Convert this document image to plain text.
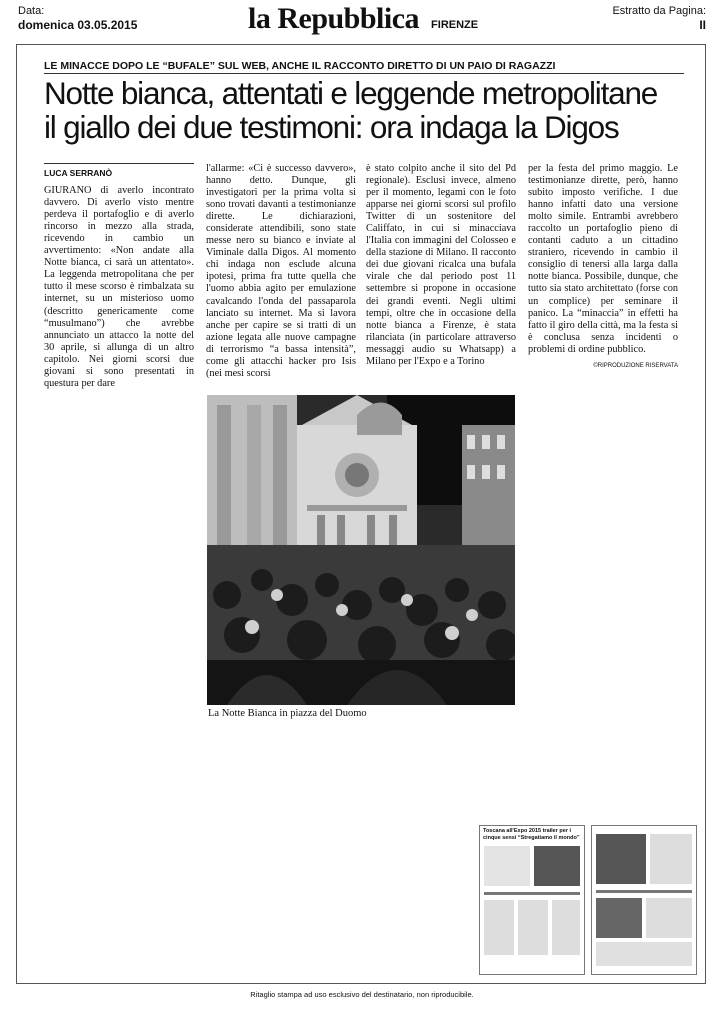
Data:
domenica 03.05.2015	la Repubblica FIRENZE
Estratto da Pagina:
II
LE MINACCE DOPO LE “BUFALE” SUL WEB, ANCHE IL RACCONTO DIRETTO DI UN PAIO DI RAGAZZI
Notte bianca, attentati e leggende metropolitane
il giallo dei due testimoni: ora indaga la Digos
LUCA SERRANÒ

GIURANO di averlo incontrato davvero. Di averlo visto mentre perdeva il portafoglio e di averlo rincorso in mezzo alla strada, ricevendo in cambio un avvertimento: «Non andate alla Notte bianca, ci sarà un attentato». La leggenda metropolitana che per tutto il mese scorso è rimbalzata su internet, su un misterioso uomo (descritto genericamente come “musulmano”) che avrebbe annunciato un attacco la notte del 30 aprile, si allunga di un altro capitolo. Nei giorni scorsi due giovani si sono presentati in questura per dare

l'allarme: «Ci è successo davvero», hanno detto. Dunque, gli investigatori per la prima volta si sono trovati davanti a testimonianze dirette. Le dichiarazioni, considerate attendibili, sono state messe nero su bianco e inviate al Viminale dalla Digos. Al momento chi indaga non esclude alcuna ipotesi, prima fra tutte quella che l'uomo abbia agito per emulazione cavalcando l'onda del passaparola lanciato su internet. Ma si lavora anche per capire se si tratti di un azione legata alle nuove campagne di terrorismo “a bassa intensità”, come gli attacchi hacker pro Isis (nei mesi scorsi

è stato colpito anche il sito del Pd regionale). Esclusi invece, almeno per il momento, legami con le foto apparse nei giorni scorsi sul profilo Twitter di un sostenitore del Califfato, in cui si minacciava l'Italia con immagini del Colosseo e della stazione di Milano. Il racconto dei due giovani ricalca una bufala virale che dal periodo post 11 settembre si propone in occasione dei grandi eventi. Negli ultimi tempi, oltre che in occasione della notte bianca a Firenze, è stata rilanciata (in particolare attraverso messaggi audio su Whatsapp) a Milano per l'Expo e a Torino

per la festa del primo maggio. Le testimonianze dirette, però, hanno subito imposto verifiche. I due hanno infatti dato una versione molto simile. Entrambi avrebbero raccolto un portafoglio pieno di contanti caduto a un cittadino straniero, ricevendo in cambio il consiglio di tenersi alla larga dalla notte bianca. Possibile, dunque, che tutto sia stato architettato (forse con un complice) per seminare il panico. La “minaccia” in effetti ha fatto il giro della città, ma la festa si è conclusa senza incidenti o problemi di ordine pubblico.

©RIPRODUZIONE RISERVATA
La Notte Bianca in piazza del Duomo
Toscana all'Expo 2015 trailer per i cinque sensi “Stregatiamo il mondo”
Ritaglio stampa ad uso esclusivo del destinatario, non riproducibile.
